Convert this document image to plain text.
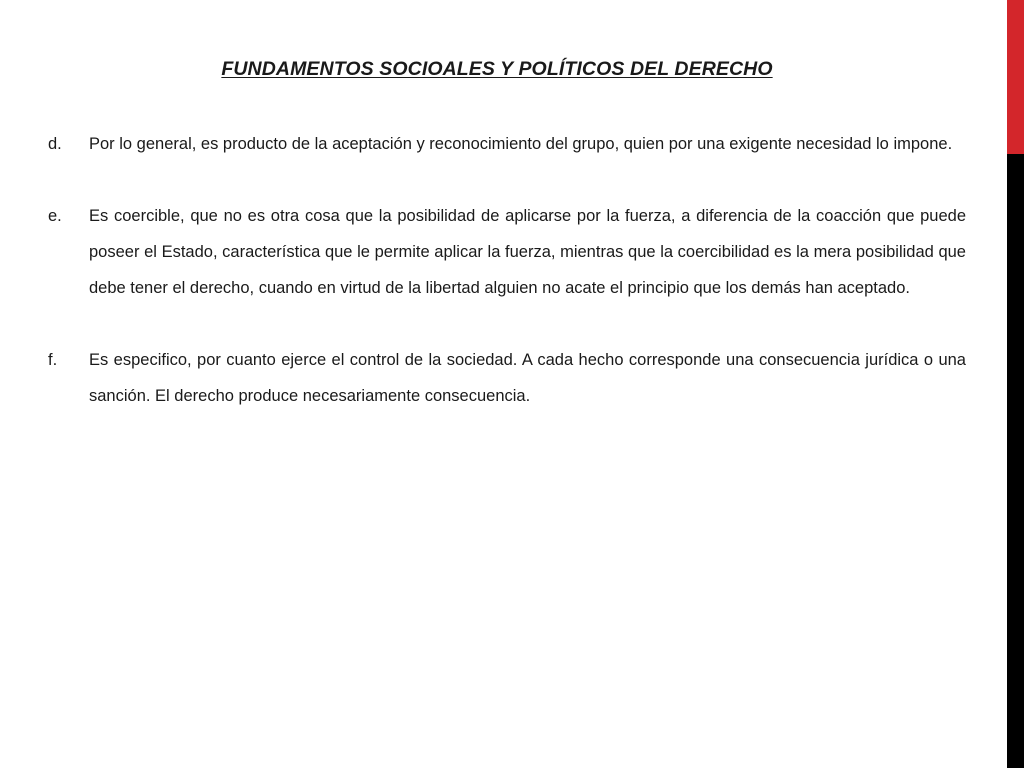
FUNDAMENTOS SOCIOALES Y POLÍTICOS DEL DERECHO
d. Por lo general, es producto de la aceptación y reconocimiento del grupo, quien por una exigente necesidad lo impone.
e. Es coercible, que no es otra cosa que la posibilidad de aplicarse por la fuerza, a diferencia de la coacción que puede poseer el Estado, característica que le permite aplicar la fuerza, mientras que la coercibilidad es la mera posibilidad que debe tener el derecho, cuando en virtud de la libertad alguien no acate el principio que los demás han aceptado.
f. Es especifico, por cuanto ejerce el control de la sociedad. A cada hecho corresponde una consecuencia jurídica o una sanción. El derecho produce necesariamente consecuencia.
